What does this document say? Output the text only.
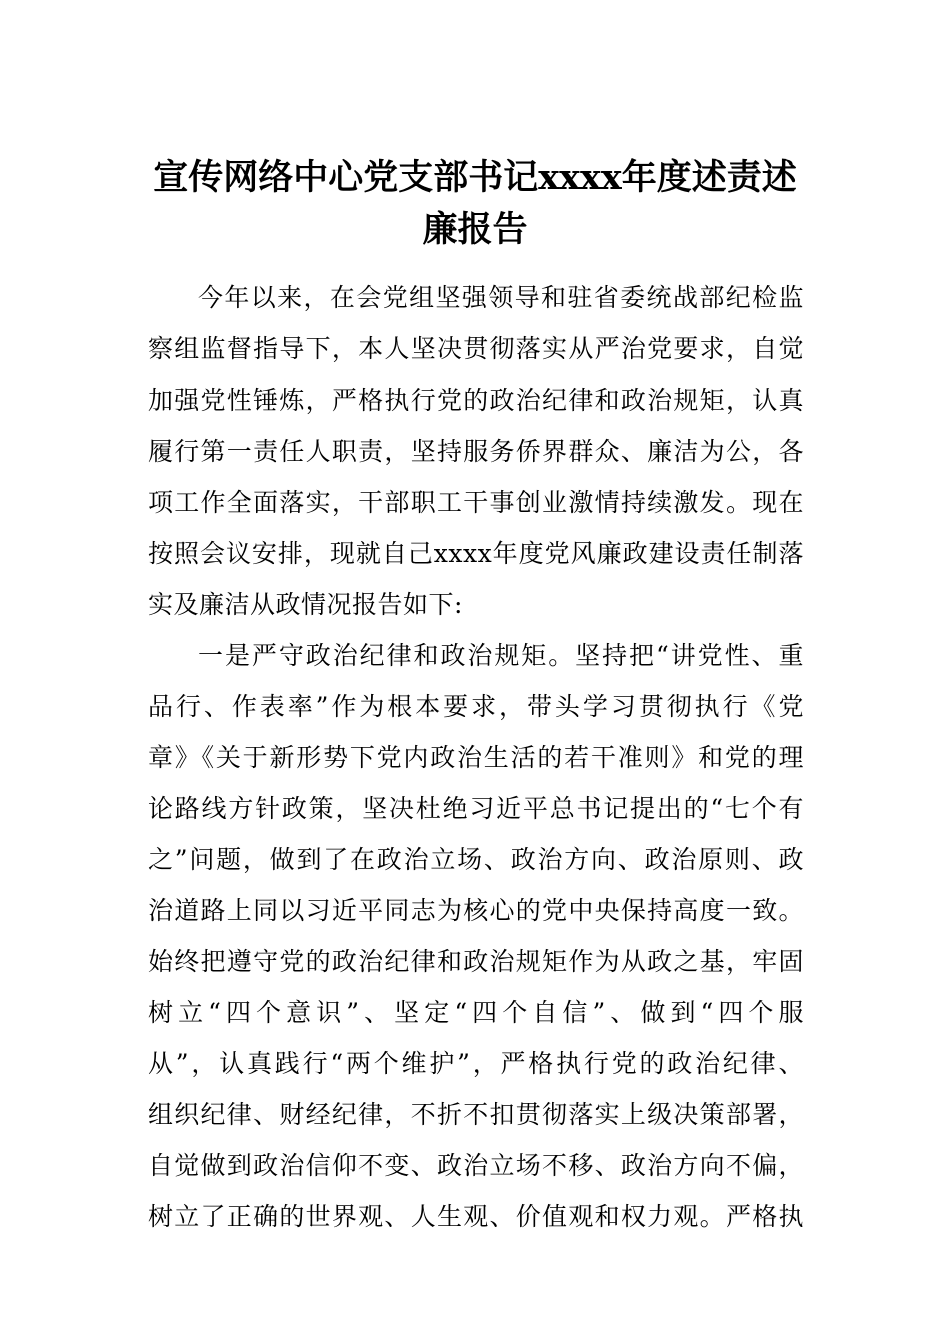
宣传网络中心党支部书记xxxx年度述责述
廉报告
今年以来，在会党组坚强领导和驻省委统战部纪检监
察组监督指导下，本人坚决贯彻落实从严治党要求，自觉
加强党性锤炼，严格执行党的政治纪律和政治规矩，认真
履行第一责任人职责，坚持服务侨界群众、廉洁为公，各
项工作全面落实，干部职工干事创业激情持续激发。现在
按照会议安排，现就自己xxxx年度党风廉政建设责任制落
实及廉洁从政情况报告如下:
一是严守政治纪律和政治规矩。坚持把“讲党性、重
品行、作表率”作为根本要求，带头学习贯彻执行《党
章》《关于新形势下党内政治生活的若干准则》和党的理
论路线方针政策，坚决杜绝习近平总书记提出的“七个有
之”问题，做到了在政治立场、政治方向、政治原则、政
治道路上同以习近平同志为核心的党中央保持高度一致。
始终把遵守党的政治纪律和政治规矩作为从政之基，牢固
树立“四个意识”、坚定“四个自信”、做到“四个服
从”，认真践行“两个维护”，严格执行党的政治纪律、
组织纪律、财经纪律，不折不扣贯彻落实上级决策部署，
自觉做到政治信仰不变、政治立场不移、政治方向不偏，
树立了正确的世界观、人生观、价值观和权力观。严格执
